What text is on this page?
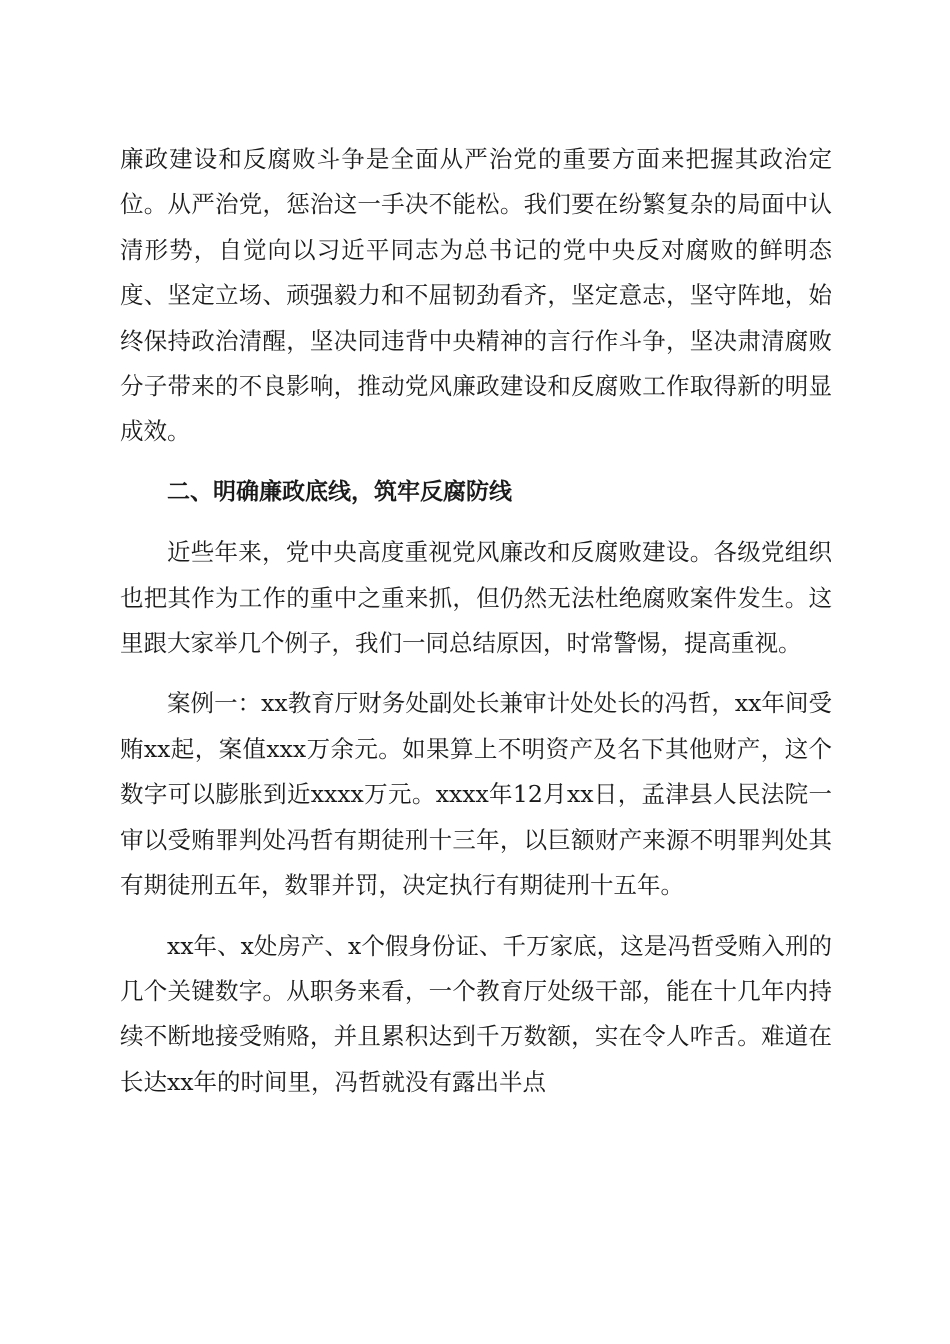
廉政建设和反腐败斗争是全面从严治党的重要方面来把握其政治定位。从严治党，惩治这一手决不能松。我们要在纷繁复杂的局面中认清形势，自觉向以习近平同志为总书记的党中央反对腐败的鲜明态度、坚定立场、顽强毅力和不屈韧劲看齐，坚定意志，坚守阵地，始终保持政治清醒，坚决同违背中央精神的言行作斗争，坚决肃清腐败分子带来的不良影响，推动党风廉政建设和反腐败工作取得新的明显成效。

二、明确廉政底线，筑牢反腐防线

近些年来，党中央高度重视党风廉改和反腐败建设。各级党组织也把其作为工作的重中之重来抓，但仍然无法杜绝腐败案件发生。这里跟大家举几个例子，我们一同总结原因，时常警惕，提高重视。

案例一：xx教育厅财务处副处长兼审计处处长的冯哲，xx年间受贿xx起，案值xxx万余元。如果算上不明资产及名下其他财产，这个数字可以膨胀到近xxxx万元。xxxx年12月xx日，孟津县人民法院一审以受贿罪判处冯哲有期徒刑十三年，以巨额财产来源不明罪判处其有期徒刑五年，数罪并罚，决定执行有期徒刑十五年。

xx年、x处房产、x个假身份证、千万家底，这是冯哲受贿入刑的几个关键数字。从职务来看，一个教育厅处级干部，能在十几年内持续不断地接受贿赂，并且累积达到千万数额，实在令人咋舌。难道在长达xx年的时间里，冯哲就没有露出半点
